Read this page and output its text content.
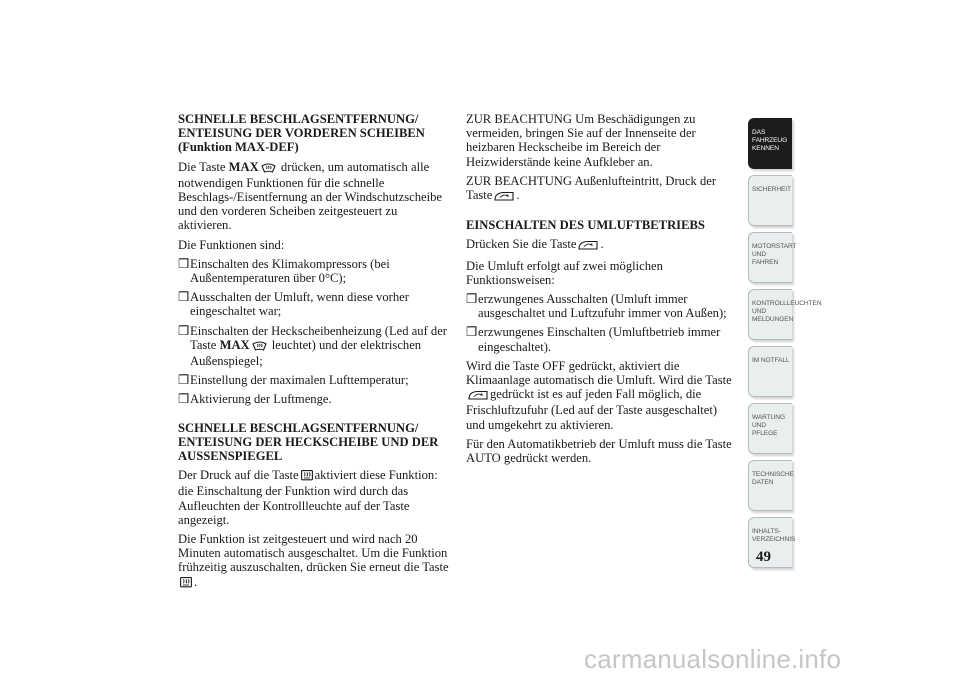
SCHNELLE BESCHLAGSENTFERNUNG/ ENTEISUNG DER VORDEREN SCHEIBEN (Funktion MAX-DEF)

Die Taste MAX drücken, um automatisch alle notwendigen Funktionen für die schnelle Beschlags-/Eisentfernung an der Windschutzscheibe und den vorderen Scheiben zeitgesteuert zu aktivieren.

Die Funktionen sind:

❒ Einschalten des Klimakompressors (bei Außentemperaturen über 0°C);
❒ Ausschalten der Umluft, wenn diese vorher eingeschaltet war;
❒ Einschalten der Heckscheibenheizung (Led auf der Taste MAX leuchtet) und der elektrischen Außenspiegel;
❒ Einstellung der maximalen Lufttemperatur;
❒ Aktivierung der Luftmenge.
SCHNELLE BESCHLAGSENTFERNUNG/ ENTEISUNG DER HECKSCHEIBE UND DER AUSSENSPIEGEL

Der Druck auf die Taste aktiviert diese Funktion: die Einschaltung der Funktion wird durch das Aufleuchten der Kontrollleuchte auf der Taste angezeigt.

Die Funktion ist zeitgesteuert und wird nach 20 Minuten automatisch ausgeschaltet. Um die Funktion frühzeitig auszuschalten, drücken Sie erneut die Taste.

ZUR BEACHTUNG Um Beschädigungen zu vermeiden, bringen Sie auf der Innenseite der heizbaren Heckscheibe im Bereich der Heizwiderstände keine Aufkleber an.

ZUR BEACHTUNG Außenlufteintritt, Druck der Taste .

EINSCHALTEN DES UMLUFTBETRIEBS

Drücken Sie die Taste .

Die Umluft erfolgt auf zwei möglichen Funktionsweisen:

❒ erzwungenes Ausschalten (Umluft immer ausgeschaltet und Luftzufuhr immer von Außen);
❒ erzwungenes Einschalten (Umluftbetrieb immer eingeschaltet).

Wird die Taste OFF gedrückt, aktiviert die Klimaanlage automatisch die Umluft. Wird die Tastegedrückt ist es auf jeden Fall möglich, die Frischluftzufuhr (Led auf der Taste ausgeschaltet) und umgekehrt zu aktivieren.

Für den Automatikbetrieb der Umluft muss die Taste AUTO gedrückt werden.

DAS FAHRZEUG
KENNEN
SICHERHEIT
MOTORSTART UND
FAHREN
KONTROLLLEUCHTEN
UND MELDUNGEN
IM NOTFALL
WARTUNG UND
PFLEGE
TECHNISCHE
DATEN
INHALTS-
VERZEICHNIS
49
carmanualsonline.info
